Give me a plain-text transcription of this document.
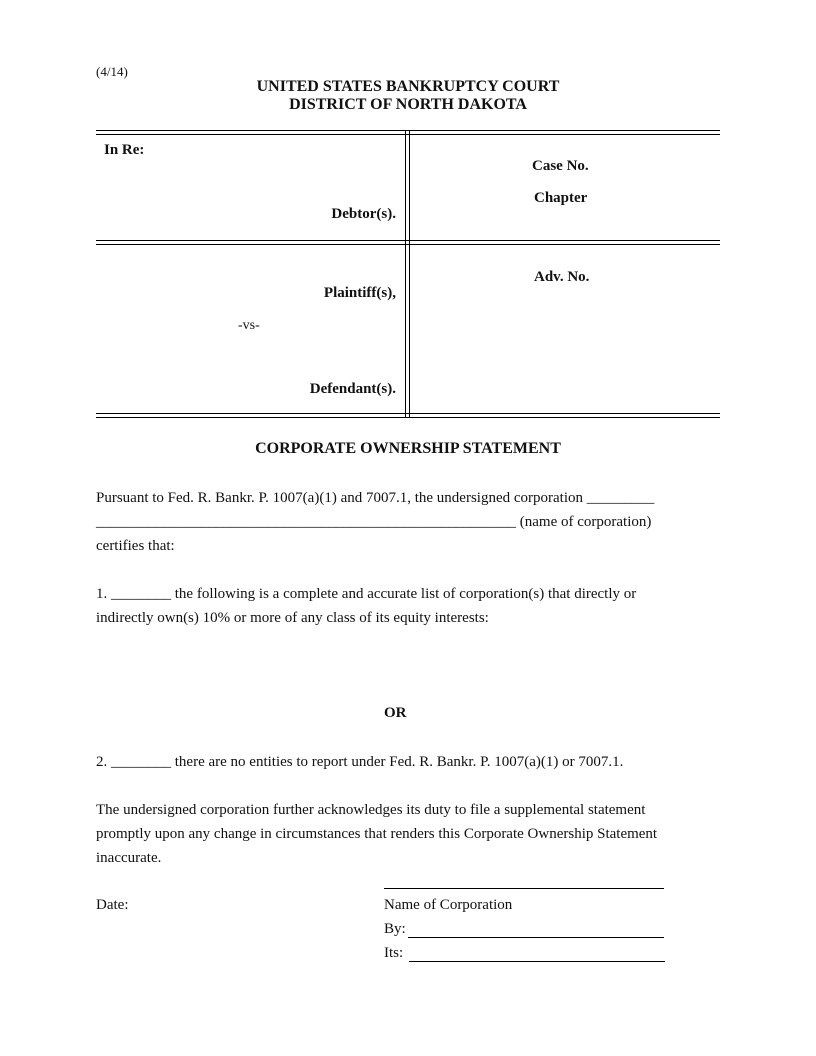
(4/14)
UNITED STATES BANKRUPTCY COURT
DISTRICT OF NORTH DAKOTA
In Re:
Debtor(s).
Case No.
Chapter
Plaintiff(s),
-vs-
Defendant(s).
Adv. No.
CORPORATE OWNERSHIP STATEMENT
Pursuant to Fed. R. Bankr. P. 1007(a)(1) and 7007.1, the undersigned corporation _________
________________________________________________________ (name of corporation)
certifies that:
1. ________ the following is a complete and accurate list of corporation(s) that directly or
indirectly own(s) 10% or more of any class of its equity interests:
OR
2. ________ there are no entities to report under Fed. R. Bankr. P. 1007(a)(1) or 7007.1.
The undersigned corporation further acknowledges its duty to file a supplemental statement
promptly upon any change in circumstances that renders this Corporate Ownership Statement
inaccurate.
Date:	Name of Corporation
By:
Its:
